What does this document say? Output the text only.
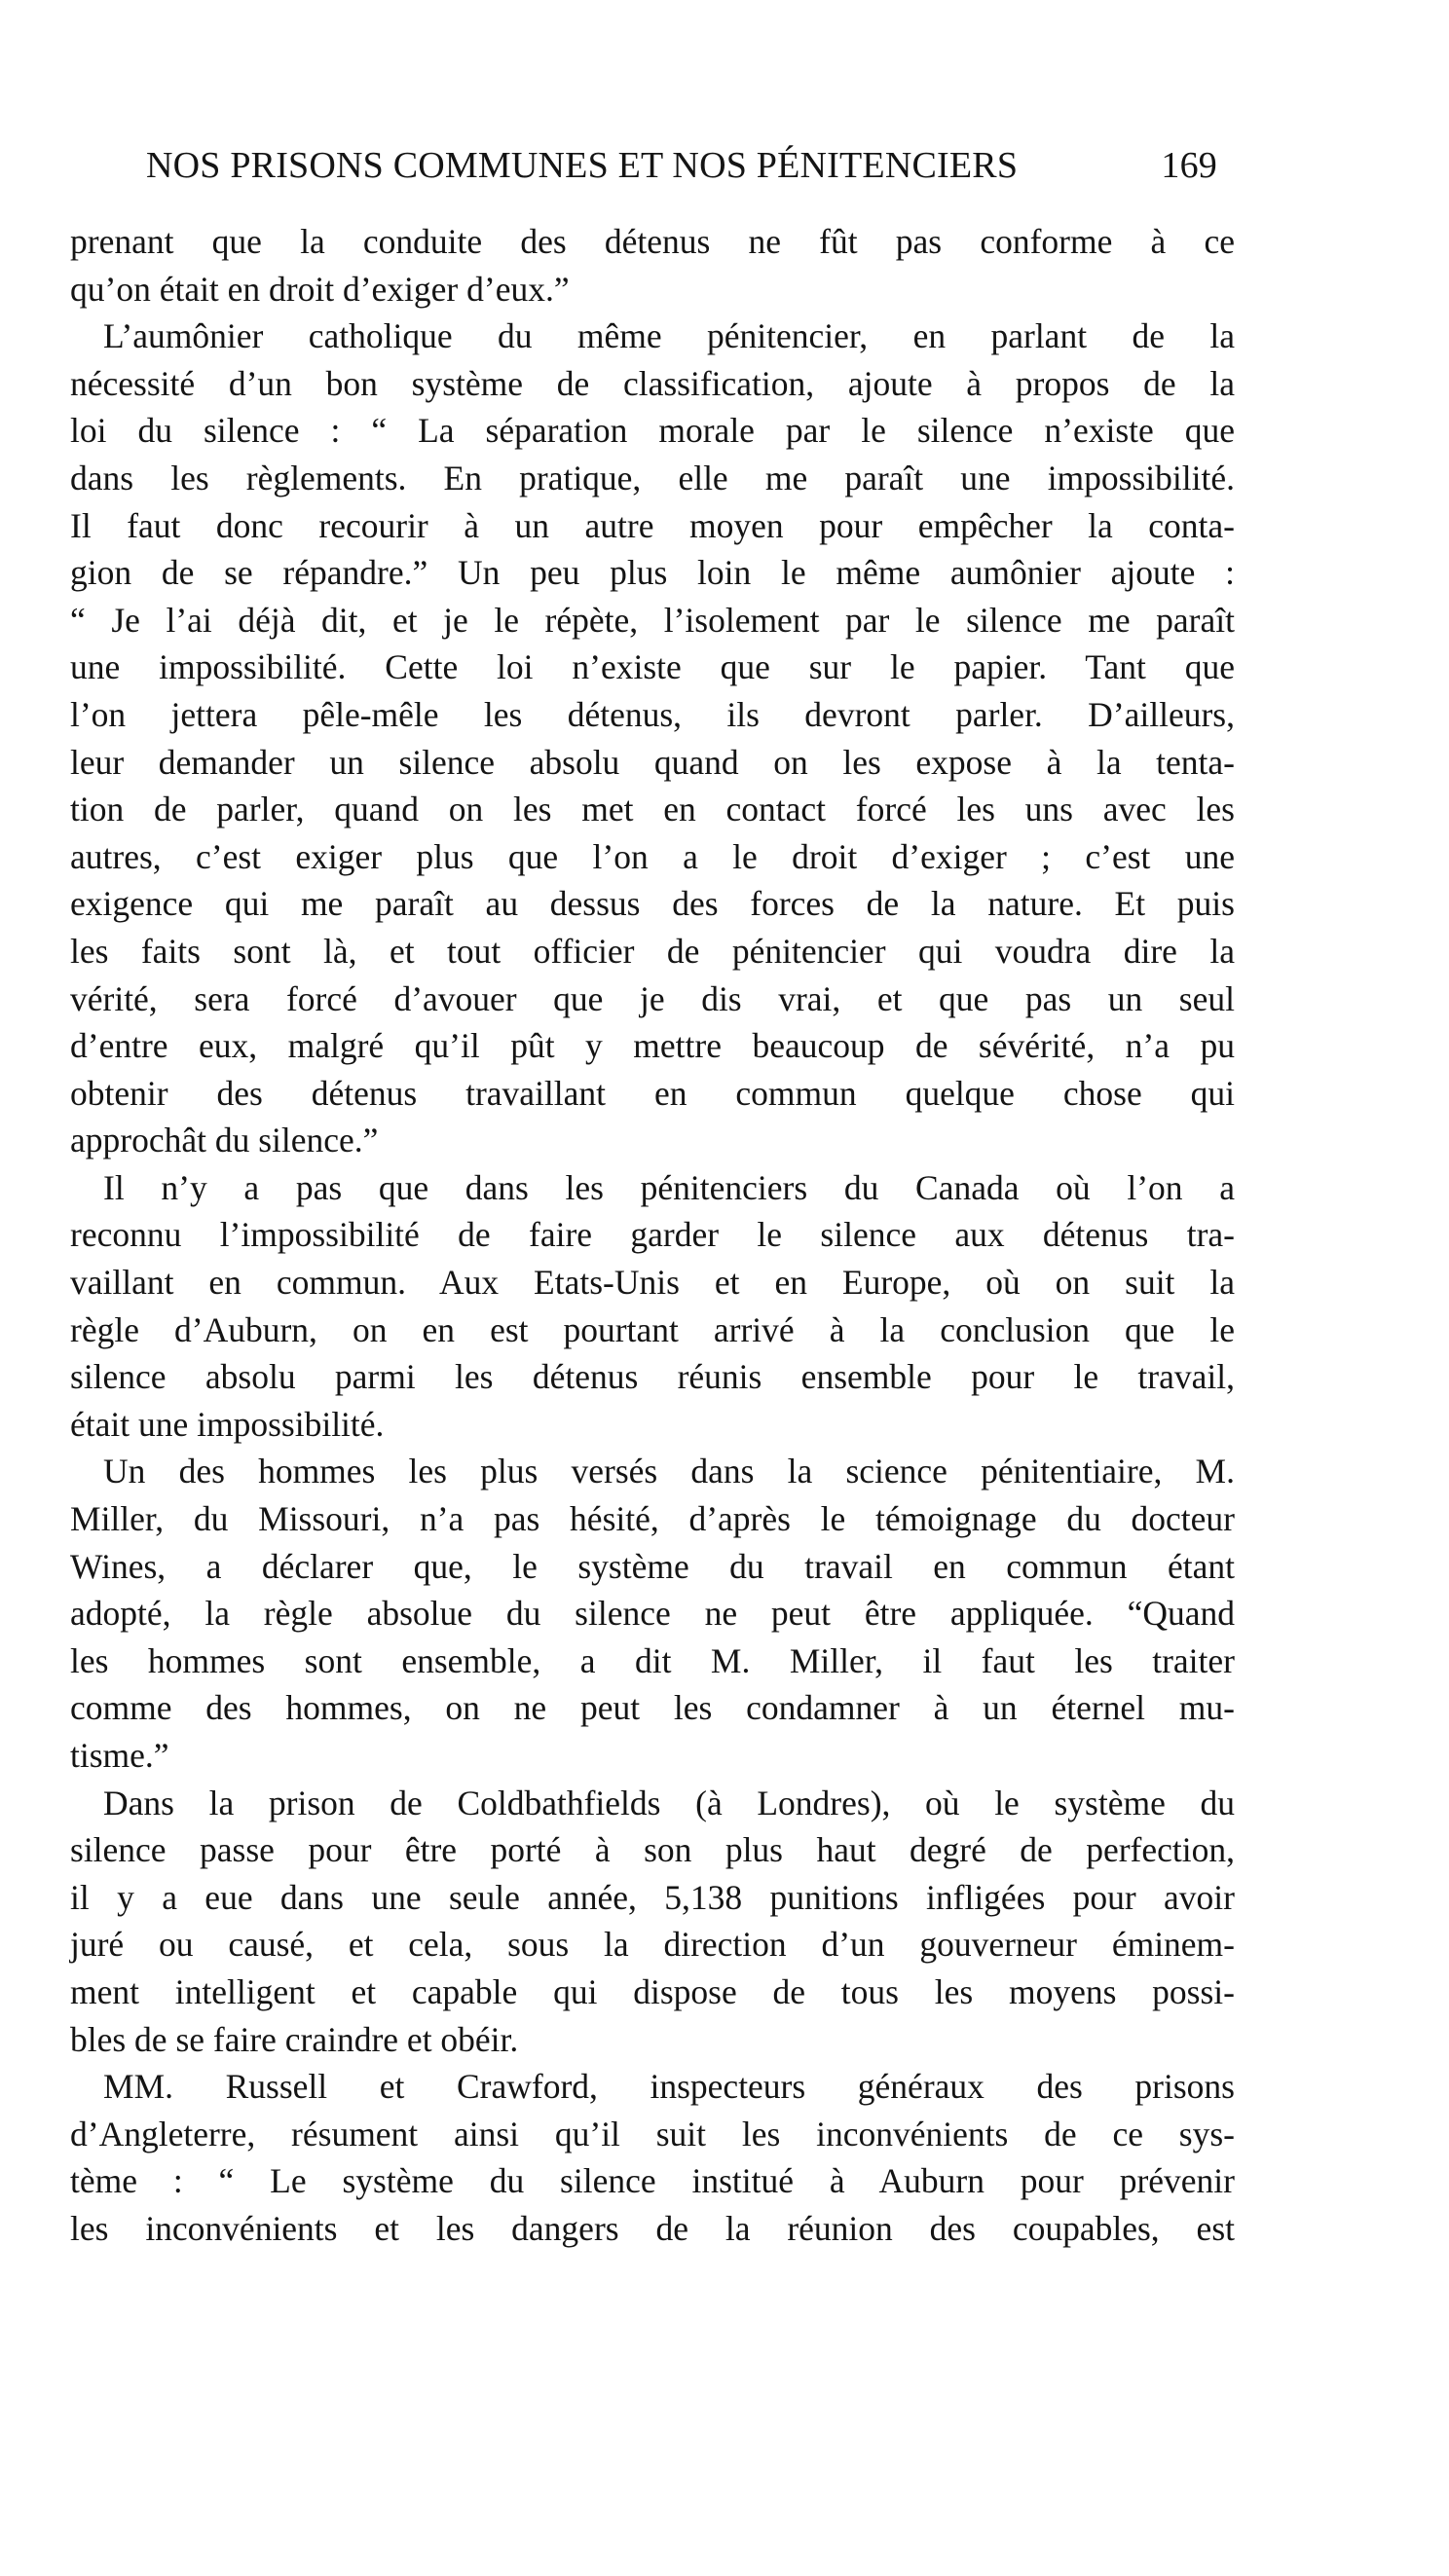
NOS PRISONS COMMUNES ET NOS PÉNITENCIERS	169
prenant que la conduite des détenus ne fût pas conforme à ce
qu’on était en droit d’exiger d’eux.”
L’aumônier catholique du même pénitencier, en parlant de la
nécessité d’un bon système de classification, ajoute à propos de la
loi du silence : “ La séparation morale par le silence n’existe que
dans les règlements. En pratique, elle me paraît une impossibilité.
Il faut donc recourir à un autre moyen pour empêcher la conta-
gion de se répandre.” Un peu plus loin le même aumônier ajoute :
“ Je l’ai déjà dit, et je le répète, l’isolement par le silence me paraît
une impossibilité. Cette loi n’existe que sur le papier. Tant que
l’on jettera pêle-mêle les détenus, ils devront parler. D’ailleurs,
leur demander un silence absolu quand on les expose à la tenta-
tion de parler, quand on les met en contact forcé les uns avec les
autres, c’est exiger plus que l’on a le droit d’exiger ; c’est une
exigence qui me paraît au dessus des forces de la nature. Et puis
les faits sont là, et tout officier de pénitencier qui voudra dire la
vérité, sera forcé d’avouer que je dis vrai, et que pas un seul
d’entre eux, malgré qu’il pût y mettre beaucoup de sévérité, n’a pu
obtenir des détenus travaillant en commun quelque chose qui
approchât du silence.”
Il n’y a pas que dans les pénitenciers du Canada où l’on a
reconnu l’impossibilité de faire garder le silence aux détenus tra-
vaillant en commun. Aux Etats-Unis et en Europe, où on suit la
règle d’Auburn, on en est pourtant arrivé à la conclusion que le
silence absolu parmi les détenus réunis ensemble pour le travail,
était une impossibilité.
Un des hommes les plus versés dans la science pénitentiaire, M.
Miller, du Missouri, n’a pas hésité, d’après le témoignage du docteur
Wines, a déclarer que, le système du travail en commun étant
adopté, la règle absolue du silence ne peut être appliquée. “Quand
les hommes sont ensemble, a dit M. Miller, il faut les traiter
comme des hommes, on ne peut les condamner à un éternel mu-
tisme.”
Dans la prison de Coldbathfields (à Londres), où le système du
silence passe pour être porté à son plus haut degré de perfection,
il y a eue dans une seule année, 5,138 punitions infligées pour avoir
juré ou causé, et cela, sous la direction d’un gouverneur éminem-
ment intelligent et capable qui dispose de tous les moyens possi-
bles de se faire craindre et obéir.
MM. Russell et Crawford, inspecteurs généraux des prisons
d’Angleterre, résument ainsi qu’il suit les inconvénients de ce sys-
tème : “ Le système du silence institué à Auburn pour prévenir
les inconvénients et les dangers de la réunion des coupables, est
